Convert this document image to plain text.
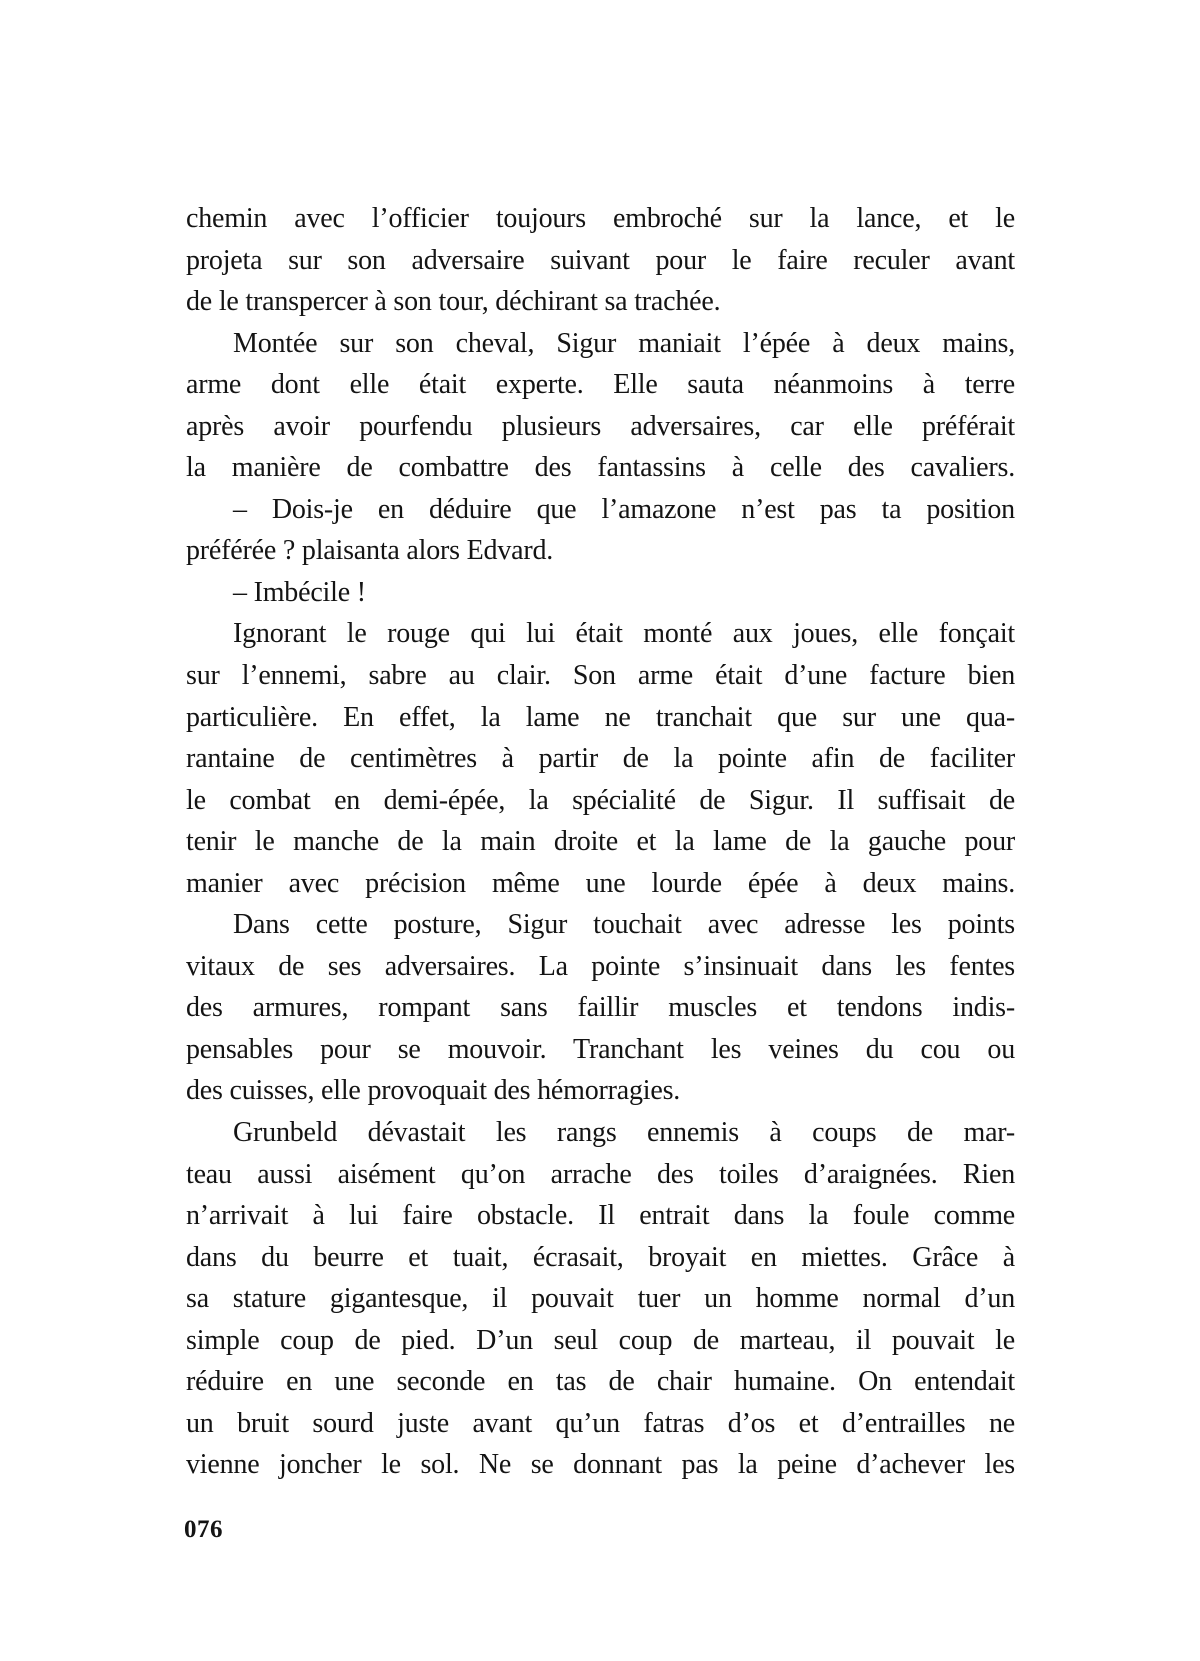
chemin avec l’officier toujours embroché sur la lance, et le
projeta sur son adversaire suivant pour le faire reculer avant
de le transpercer à son tour, déchirant sa trachée.
Montée sur son cheval, Sigur maniait l’épée à deux mains,
arme dont elle était experte. Elle sauta néanmoins à terre
après avoir pourfendu plusieurs adversaires, car elle préférait
la manière de combattre des fantassins à celle des cavaliers.
– Dois-je en déduire que l’amazone n’est pas ta position
préférée ? plaisanta alors Edvard.
– Imbécile !
Ignorant le rouge qui lui était monté aux joues, elle fonçait
sur l’ennemi, sabre au clair. Son arme était d’une facture bien
particulière. En effet, la lame ne tranchait que sur une qua-
rantaine de centimètres à partir de la pointe afin de faciliter
le combat en demi-épée, la spécialité de Sigur. Il suffisait de
tenir le manche de la main droite et la lame de la gauche pour
manier avec précision même une lourde épée à deux mains.
Dans cette posture, Sigur touchait avec adresse les points
vitaux de ses adversaires. La pointe s’insinuait dans les fentes
des armures, rompant sans faillir muscles et tendons indis-
pensables pour se mouvoir. Tranchant les veines du cou ou
des cuisses, elle provoquait des hémorragies.
Grunbeld dévastait les rangs ennemis à coups de mar-
teau aussi aisément qu’on arrache des toiles d’araignées. Rien
n’arrivait à lui faire obstacle. Il entrait dans la foule comme
dans du beurre et tuait, écrasait, broyait en miettes. Grâce à
sa stature gigantesque, il pouvait tuer un homme normal d’un
simple coup de pied. D’un seul coup de marteau, il pouvait le
réduire en une seconde en tas de chair humaine. On entendait
un bruit sourd juste avant qu’un fatras d’os et d’entrailles ne
vienne joncher le sol. Ne se donnant pas la peine d’achever les
076
